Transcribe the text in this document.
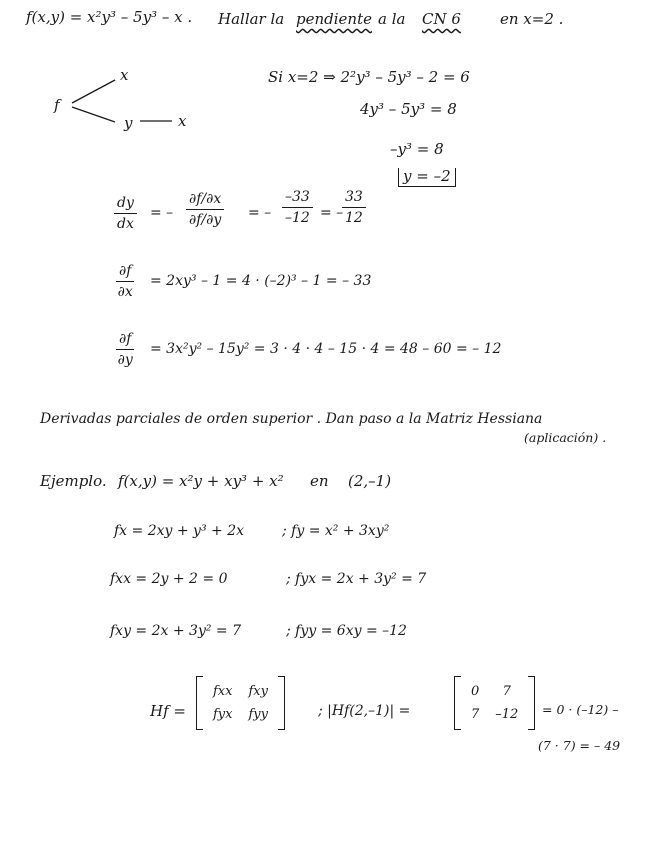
f(x,y) = x²y³ – 5y³ – x . Hallar la pendiente a la CN 6	en x=2 .
f
x
y	x
Si x=2 ⇒ 2²y³ – 5y³ – 2 = 6
4y³ – 5y³ = 8
–y³ = 8
y = –2
$\frac{dy}{dx}$ = – $\frac{\partial f/\partial x}{\partial f/\partial y}$ = – $\frac{-33}{-12}$ = –
$\frac{33}{12}$
$\frac{\partial f}{\partial x} = 2xy^3 - 1 = 4 \cdot (-2)^3 - 1$ = – 33
$\frac{\partial f}{\partial y} = 3x^2y^2 - 15y^2 = 3 \cdot 4 \cdot 4 - 15 \cdot 4 = 48 - 60$ = – 12
Derivadas parciales de orden superior . Dan paso a la Matriz Hessiana
(aplicación) .
Ejemplo. f(x,y) = x²y + xy³ + x² en (2,–1)
fx = 2xy + y³ + 2x	; fy = x² + 3xy²
fxx = 2y + 2 = 0	; fyx = 2x + 3y² = 7
fxy = 2x + 3y² = 7	; fyy = 6xy = –12
Hf =
fxx	fxy
fyx	fyy	; |Hf(2,–1)| =
0	7
7	–12 = 0 · (–12) –
(7 · 7) = – 49
